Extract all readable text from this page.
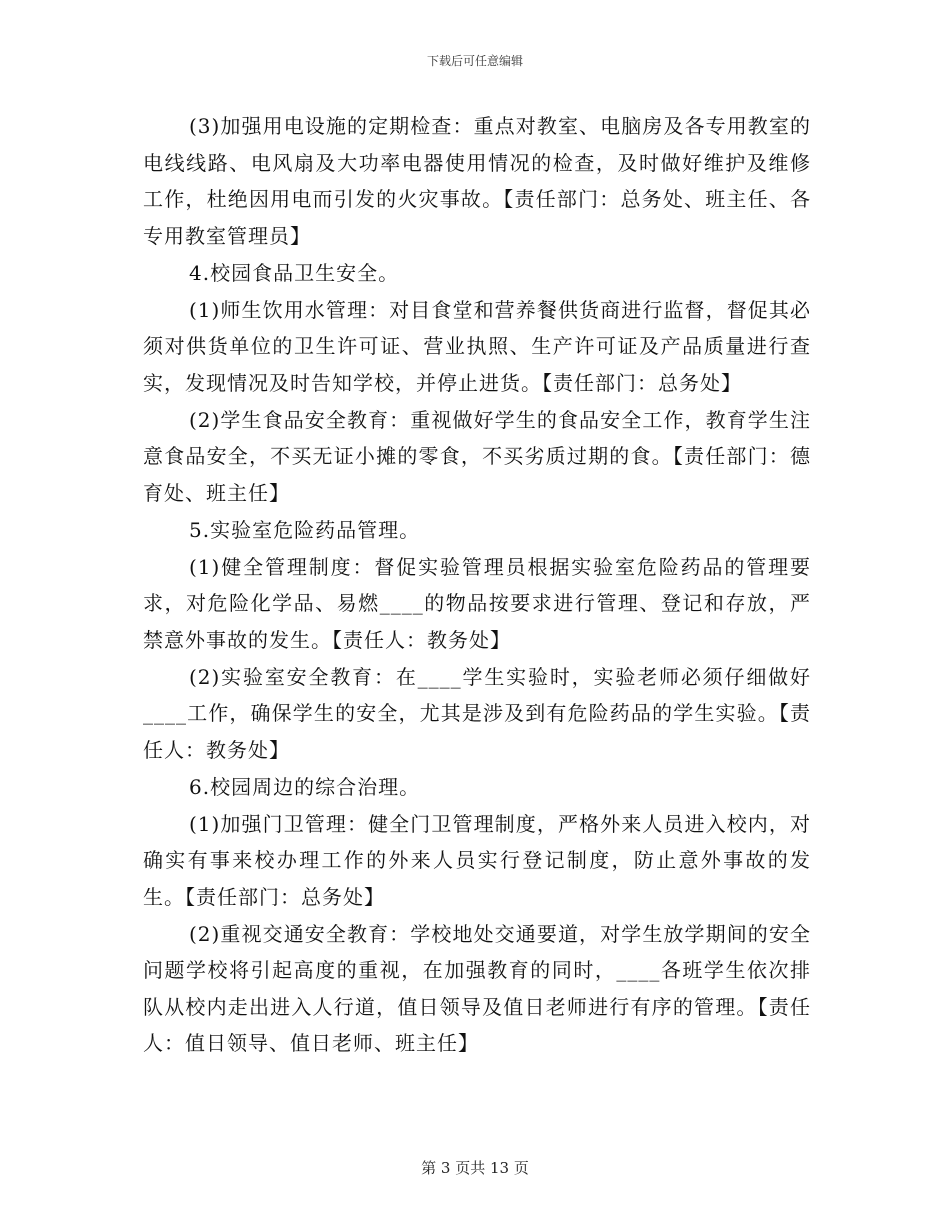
下载后可任意编辑

(3)加强用电设施的定期检查：重点对教室、电脑房及各专用教室的电线线路、电风扇及大功率电器使用情况的检查，及时做好维护及维修工作，杜绝因用电而引发的火灾事故。【责任部门：总务处、班主任、各专用教室管理员】

4.校园食品卫生安全。

(1)师生饮用水管理：对目食堂和营养餐供货商进行监督，督促其必须对供货单位的卫生许可证、营业执照、生产许可证及产品质量进行查实，发现情况及时告知学校，并停止进货。【责任部门：总务处】

(2)学生食品安全教育：重视做好学生的食品安全工作，教育学生注意食品安全，不买无证小摊的零食，不买劣质过期的食。【责任部门：德育处、班主任】

5.实验室危险药品管理。

(1)健全管理制度：督促实验管理员根据实验室危险药品的管理要求，对危险化学品、易燃____的物品按要求进行管理、登记和存放，严禁意外事故的发生。【责任人：教务处】

(2)实验室安全教育：在____学生实验时，实验老师必须仔细做好____工作，确保学生的安全，尤其是涉及到有危险药品的学生实验。【责任人：教务处】

6.校园周边的综合治理。

(1)加强门卫管理：健全门卫管理制度，严格外来人员进入校内，对确实有事来校办理工作的外来人员实行登记制度，防止意外事故的发生。【责任部门：总务处】

(2)重视交通安全教育：学校地处交通要道，对学生放学期间的安全问题学校将引起高度的重视，在加强教育的同时，____各班学生依次排队从校内走出进入人行道，值日领导及值日老师进行有序的管理。【责任人：值日领导、值日老师、班主任】

第 3 页共 13 页
